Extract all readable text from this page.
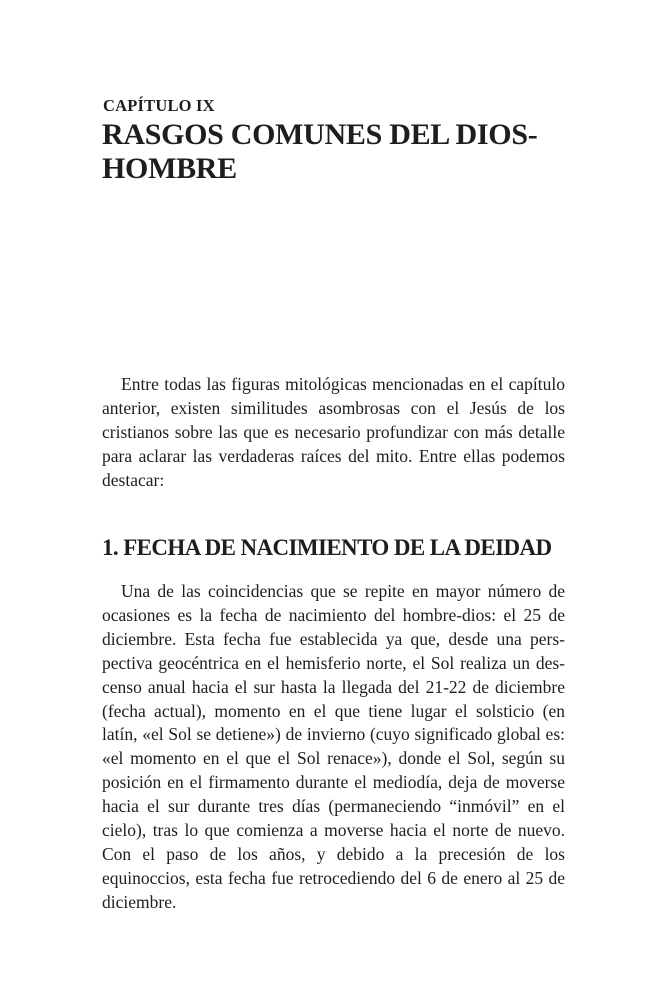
CAPÍTULO IX

RASGOS COMUNES DEL DIOS-HOMBRE

Entre todas las figuras mitológicas mencionadas en el capítulo anterior, existen similitudes asombrosas con el Jesús de los cristianos sobre las que es necesario profundizar con más detalle para aclarar las verdaderas raíces del mito. Entre ellas podemos destacar:

1. FECHA DE NACIMIENTO DE LA DEIDAD

Una de las coincidencias que se repite en mayor número de ocasiones es la fecha de nacimiento del hombre-dios: el 25 de diciembre. Esta fecha fue establecida ya que, desde una perspectiva geocéntrica en el hemisferio norte, el Sol realiza un descenso anual hacia el sur hasta la llegada del 21-22 de diciembre (fecha actual), momento en el que tiene lugar el solsticio (en latín, «el Sol se detiene») de invierno (cuyo significado global es: «el momento en el que el Sol renace»), donde el Sol, según su posición en el firmamento durante el mediodía, deja de moverse hacia el sur durante tres días (permaneciendo “inmóvil” en el cielo), tras lo que comienza a moverse hacia el norte de nuevo. Con el paso de los años, y debido a la precesión de los equinoccios, esta fecha fue retrocediendo del 6 de enero al 25 de diciembre.
